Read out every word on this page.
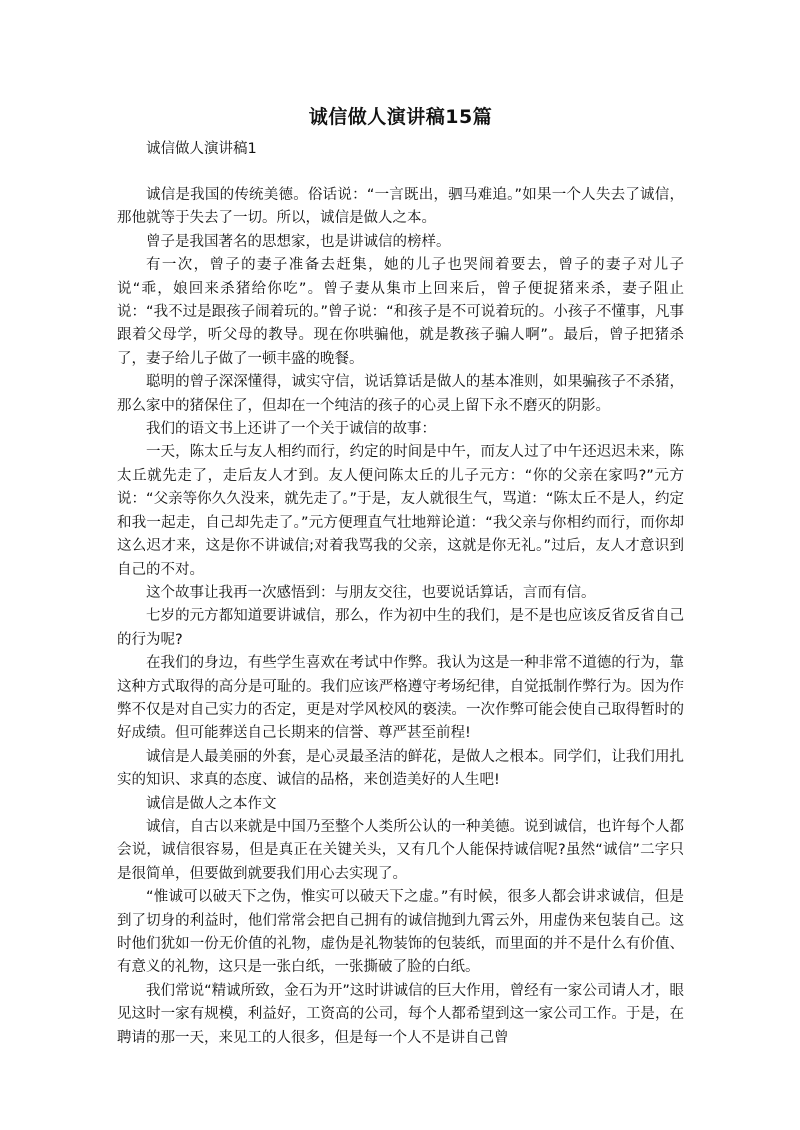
诚信做人演讲稿15篇
诚信做人演讲稿1

诚信是我国的传统美德。俗话说：“一言既出，驷马难追。”如果一个人失去了诚信，那他就等于失去了一切。所以，诚信是做人之本。

曾子是我国著名的思想家，也是讲诚信的榜样。

有一次，曾子的妻子准备去赶集，她的儿子也哭闹着要去，曾子的妻子对儿子说“乖，娘回来杀猪给你吃”。曾子妻从集市上回来后，曾子便捉猪来杀，妻子阻止说：“我不过是跟孩子闹着玩的。”曾子说：“和孩子是不可说着玩的。小孩子不懂事，凡事跟着父母学，听父母的教导。现在你哄骗他，就是教孩子骗人啊”。最后，曾子把猪杀了，妻子给儿子做了一顿丰盛的晚餐。

聪明的曾子深深懂得，诚实守信，说话算话是做人的基本准则，如果骗孩子不杀猪，那么家中的猪保住了，但却在一个纯洁的孩子的心灵上留下永不磨灭的阴影。

我们的语文书上还讲了一个关于诚信的故事：

一天，陈太丘与友人相约而行，约定的时间是中午，而友人过了中午还迟迟未来，陈太丘就先走了，走后友人才到。友人便问陈太丘的儿子元方：“你的父亲在家吗?”元方说：“父亲等你久久没来，就先走了。”于是，友人就很生气，骂道：“陈太丘不是人，约定和我一起走，自己却先走了。”元方便理直气壮地辩论道：“我父亲与你相约而行，而你却这么迟才来，这是你不讲诚信;对着我骂我的父亲，这就是你无礼。”过后，友人才意识到自己的不对。

这个故事让我再一次感悟到：与朋友交往，也要说话算话，言而有信。

七岁的元方都知道要讲诚信，那么，作为初中生的我们，是不是也应该反省反省自己的行为呢?

在我们的身边，有些学生喜欢在考试中作弊。我认为这是一种非常不道德的行为，靠这种方式取得的高分是可耻的。我们应该严格遵守考场纪律，自觉抵制作弊行为。因为作弊不仅是对自己实力的否定，更是对学风校风的亵渎。一次作弊可能会使自己取得暂时的好成绩。但可能葬送自己长期来的信誉、尊严甚至前程!

诚信是人最美丽的外套，是心灵最圣洁的鲜花，是做人之根本。同学们，让我们用扎实的知识、求真的态度、诚信的品格，来创造美好的人生吧!

诚信是做人之本作文

诚信，自古以来就是中国乃至整个人类所公认的一种美德。说到诚信，也许每个人都会说，诚信很容易，但是真正在关键关头，又有几个人能保持诚信呢?虽然“诚信”二字只是很简单，但要做到就要我们用心去实现了。

“惟诚可以破天下之伪，惟实可以破天下之虚。”有时候，很多人都会讲求诚信，但是到了切身的利益时，他们常常会把自己拥有的诚信抛到九霄云外，用虚伪来包装自己。这时他们犹如一份无价值的礼物，虚伪是礼物装饰的包装纸，而里面的并不是什么有价值、有意义的礼物，这只是一张白纸，一张撕破了脸的白纸。

我们常说“精诚所致，金石为开”这时讲诚信的巨大作用，曾经有一家公司请人才，眼见这时一家有规模，利益好，工资高的公司，每个人都希望到这一家公司工作。于是，在聘请的那一天，来见工的人很多，但是每一个人不是讲自己曾
